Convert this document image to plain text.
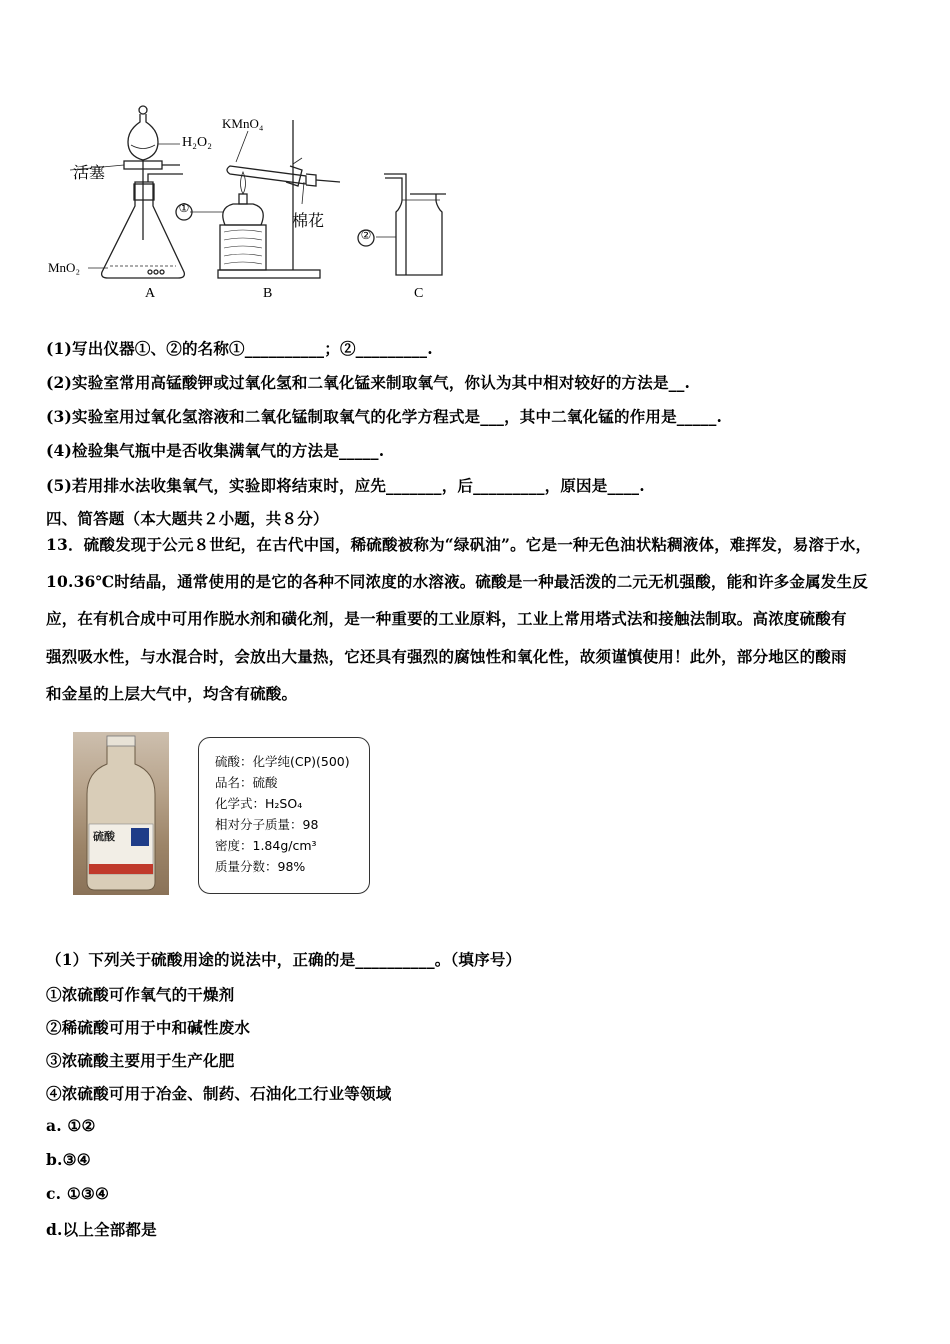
活塞
H₂O₂
MnO₂
KMnO₄
棉花
①
②
A	B	C
(1)写出仪器①、②的名称①__________；②_________.
(2)实验室常用高锰酸钾或过氧化氢和二氧化锰来制取氧气，你认为其中相对较好的方法是__.
(3)实验室用过氧化氢溶液和二氧化锰制取氧气的化学方程式是___，其中二氧化锰的作用是_____.
(4)检验集气瓶中是否收集满氧气的方法是_____.
(5)若用排水法收集氧气，实验即将结束时，应先_______，后_________，原因是____.
四、简答题（本大题共２小题，共８分）
13．硫酸发现于公元８世纪，在古代中国，稀硫酸被称为“绿矾油”。它是一种无色油状粘稠液体，难挥发，易溶于水，
10.36℃时结晶，通常使用的是它的各种不同浓度的水溶液。硫酸是一种最活泼的二元无机强酸，能和许多金属发生反
应，在有机合成中可用作脱水剂和磺化剂，是一种重要的工业原料，工业上常用塔式法和接触法制取。高浓度硫酸有
强烈吸水性，与水混合时，会放出大量热，它还具有强烈的腐蚀性和氧化性，故须谨慎使用！此外，部分地区的酸雨
和金星的上层大气中，均含有硫酸。
硫酸
硫酸：化学纯(CP)(500)
品名：硫酸
化学式：H₂SO₄
相对分子质量：98
密度：1.84g/cm³
质量分数：98%
（1）下列关于硫酸用途的说法中，正确的是__________。（填序号）
①浓硫酸可作氧气的干燥剂
②稀硫酸可用于中和碱性废水
③浓硫酸主要用于生产化肥
④浓硫酸可用于冶金、制药、石油化工行业等领域
a. ①②
b.③④
c. ①③④
d.以上全部都是
